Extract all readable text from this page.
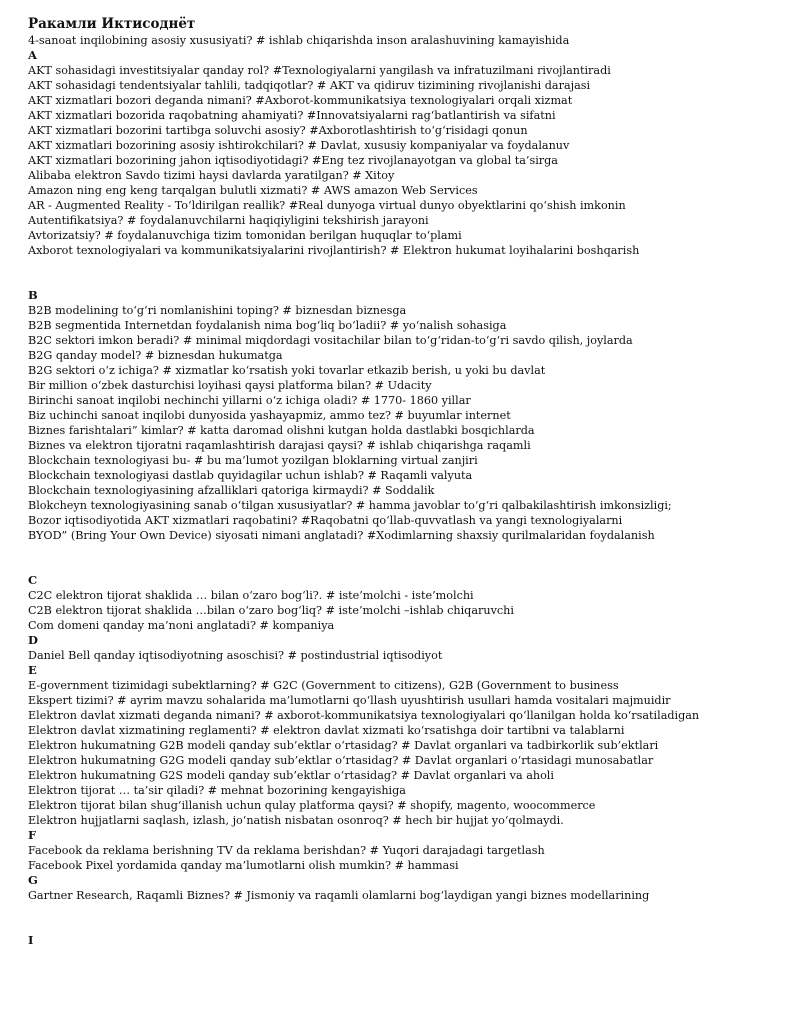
Ракамли Иктисоднёт
4-sanoat inqilobining asosiy xususiyati? # ishlab chiqarishda inson aralashuvining kamayishida
A
AKT sohasidagi investitsiyalar qanday rol? #Texnologiyalarni yangilash va infratuzilmani rivojlantiradi
AKT sohasidagi tendentsiyalar tahlili, tadqiqotlar? # AKT va qidiruv tizimining rivojlanishi darajasi
AKT xizmatlari bozori deganda nimani? #Axborot-kommunikatsiya texnologiyalari orqali xizmat
AKT xizmatlari bozorida raqobatning ahamiyati? #Innovatsiyalarni rag‘batlantirish va sifatni
AKT xizmatlari bozorini tartibga soluvchi asosiy? #Axborotlashtirish to‘g‘risidagi qonun
AKT xizmatlari bozorining asosiy ishtirokchilari? # Davlat, xususiy kompaniyalar va foydalanuv
AKT xizmatlari bozorining jahon iqtisodiyotidagi? #Eng tez rivojlanayotgan va global ta’sirga
Alibaba elektron Savdo tizimi haysi davlarda yaratilgan? # Xitoy
Amazon ning eng keng tarqalgan bulutli xizmati? # AWS amazon Web Services
AR - Augmented Reality - To‘ldirilgan reallik? #Real dunyoga virtual dunyo obyektlarini qo‘shish imkonin
Autentifikatsiya? # foydalanuvchilarni haqiqiyligini tekshirish jarayoni
Avtorizatsiy? # foydalanuvchiga tizim tomonidan berilgan huquqlar to‘plami
Axborot texnologiyalari va kommunikatsiyalarini rivojlantirish? # Elektron hukumat loyihalarini boshqarish
B
B2B modelining to‘g‘ri nomlanishini toping? # biznesdan biznesga
B2B segmentida Internetdan foydalanish nima bog‘liq bo‘ladii? # yo‘nalish sohasiga
B2C sektori imkon beradi? # minimal miqdordagi vositachilar bilan to‘g‘ridan-to‘g‘ri savdo qilish, joylarda
B2G qanday model? # biznesdan hukumatga
B2G sektori o‘z ichiga? # xizmatlar ko‘rsatish yoki tovarlar etkazib berish, u yoki bu davlat
Bir million o‘zbek dasturchisi loyihasi qaysi platforma bilan? # Udacity
Birinchi sanoat inqilobi nechinchi yillarni o‘z ichiga oladi? # 1770- 1860 yillar
Biz uchinchi sanoat inqilobi dunyosida yashayapmiz, ammo tez? # buyumlar internet
Biznes farishtalari” kimlar? # katta daromad olishni kutgan holda dastlabki bosqichlarda
Biznes va elektron tijoratni raqamlashtirish darajasi qaysi? # ishlab chiqarishga raqamli
Blockchain texnologiyasi bu- # bu ma’lumot yozilgan bloklarning virtual zanjiri
Blockchain texnologiyasi dastlab quyidagilar uchun ishlab? # Raqamli valyuta
Blockchain texnologiyasining afzalliklari qatoriga kirmaydi? # Soddalik
Blokcheyn texnologiyasining sanab o‘tilgan xususiyatlar? # hamma javoblar to‘g‘ri qalbakilashtirish imkonsizligi;
Bozor iqtisodiyotida AKT xizmatlari raqobatini? #Raqobatni qo‘llab-quvvatlash va yangi texnologiyalarni
BYOD” (Bring Your Own Device) siyosati nimani anglatadi? #Xodimlarning shaxsiy qurilmalaridan foydalanish
C
C2C elektron tijorat shaklida … bilan o‘zaro bog‘li?. # iste’molchi - iste’molchi
C2B elektron tijorat shaklida …bilan o‘zaro bog‘liq? # iste’molchi –ishlab chiqaruvchi
Com domeni qanday ma’noni anglatadi? # kompaniya
D
Daniel Bell qanday iqtisodiyotning asoschisi? # postindustrial iqtisodiyot
E
E-government tizimidagi subektlarning? # G2C (Government to citizens), G2B (Government to business
Ekspert tizimi? # ayrim mavzu sohalarida ma’lumotlarni qo‘llash uyushtirish usullari hamda vositalari majmuidir
Elektron davlat xizmati deganda nimani? # axborot-kommunikatsiya texnologiyalari qo‘llanilgan holda ko‘rsatiladigan
Elektron davlat xizmatining reglamenti? # elektron davlat xizmati ko‘rsatishga doir tartibni va talablarni
Elektron hukumatning G2B modeli qanday sub’ektlar o‘rtasidag? # Davlat organlari va tadbirkorlik sub’ektlari
Elektron hukumatning G2G modeli qanday sub’ektlar o‘rtasidag? # Davlat organlari o‘rtasidagi munosabatlar
Elektron hukumatning G2S modeli qanday sub’ektlar o‘rtasidag? # Davlat organlari va aholi
Elektron tijorat … ta’sir qiladi? # mehnat bozorining kengayishiga
Elektron tijorat bilan shug‘illanish uchun qulay platforma qaysi? # shopify, magento, woocommerce
Elektron hujjatlarni saqlash, izlash, jo‘natish nisbatan osonroq? # hech bir hujjat yo‘qolmaydi.
F
Facebook da reklama berishning TV da reklama berishdan? # Yuqori darajadagi targetlash
Facebook Pixel yordamida qanday ma’lumotlarni olish mumkin? # hammasi
G
Gartner Research, Raqamli Biznes? # Jismoniy va raqamli olamlarni bog‘laydigan yangi biznes modellarining
I
